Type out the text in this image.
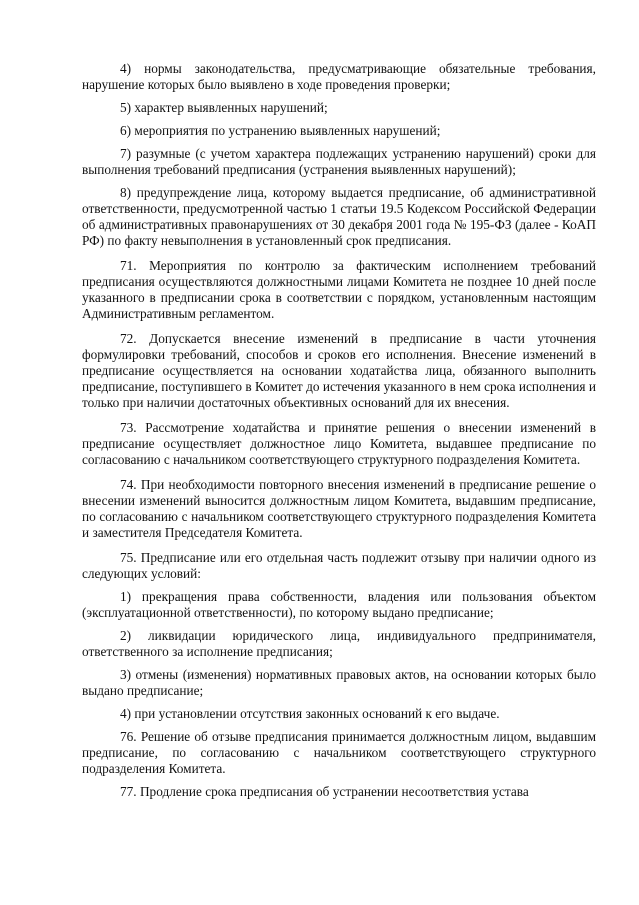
4) нормы законодательства, предусматривающие обязательные требования, нарушение которых было выявлено в ходе проведения проверки;

5) характер выявленных нарушений;

6) мероприятия по устранению выявленных нарушений;

7) разумные (с учетом характера подлежащих устранению нарушений) сроки для выполнения требований предписания (устранения выявленных нарушений);

8) предупреждение лица, которому выдается предписание, об административной ответственности, предусмотренной частью 1 статьи 19.5 Кодексом Российской Федерации об административных правонарушениях от 30 декабря 2001 года № 195-ФЗ (далее - КоАП РФ) по факту невыполнения в установленный срок предписания.

71. Мероприятия по контролю за фактическим исполнением требований предписания осуществляются должностными лицами Комитета не позднее 10 дней после указанного в предписании срока в соответствии с порядком, установленным настоящим Административным регламентом.

72. Допускается внесение изменений в предписание в части уточнения формулировки требований, способов и сроков его исполнения. Внесение изменений в предписание осуществляется на основании ходатайства лица, обязанного выполнить предписание, поступившего в Комитет до истечения указанного в нем срока исполнения и только при наличии достаточных объективных оснований для их внесения.

73. Рассмотрение ходатайства и принятие решения о внесении изменений в предписание осуществляет должностное лицо Комитета, выдавшее предписание по согласованию с начальником соответствующего структурного подразделения Комитета.

74. При необходимости повторного внесения изменений в предписание решение о внесении изменений выносится должностным лицом Комитета, выдавшим предписание, по согласованию с начальником соответствующего структурного подразделения Комитета и заместителя Председателя Комитета.

75. Предписание или его отдельная часть подлежит отзыву при наличии одного из следующих условий:

1) прекращения права собственности, владения или пользования объектом (эксплуатационной ответственности), по которому выдано предписание;

2) ликвидации юридического лица, индивидуального предпринимателя, ответственного за исполнение предписания;

3) отмены (изменения) нормативных правовых актов, на основании которых было выдано предписание;

4) при установлении отсутствия законных оснований к его выдаче.

76. Решение об отзыве предписания принимается должностным лицом, выдавшим предписание, по согласованию с начальником соответствующего структурного подразделения Комитета.

77. Продление срока предписания об устранении несоответствия устава
